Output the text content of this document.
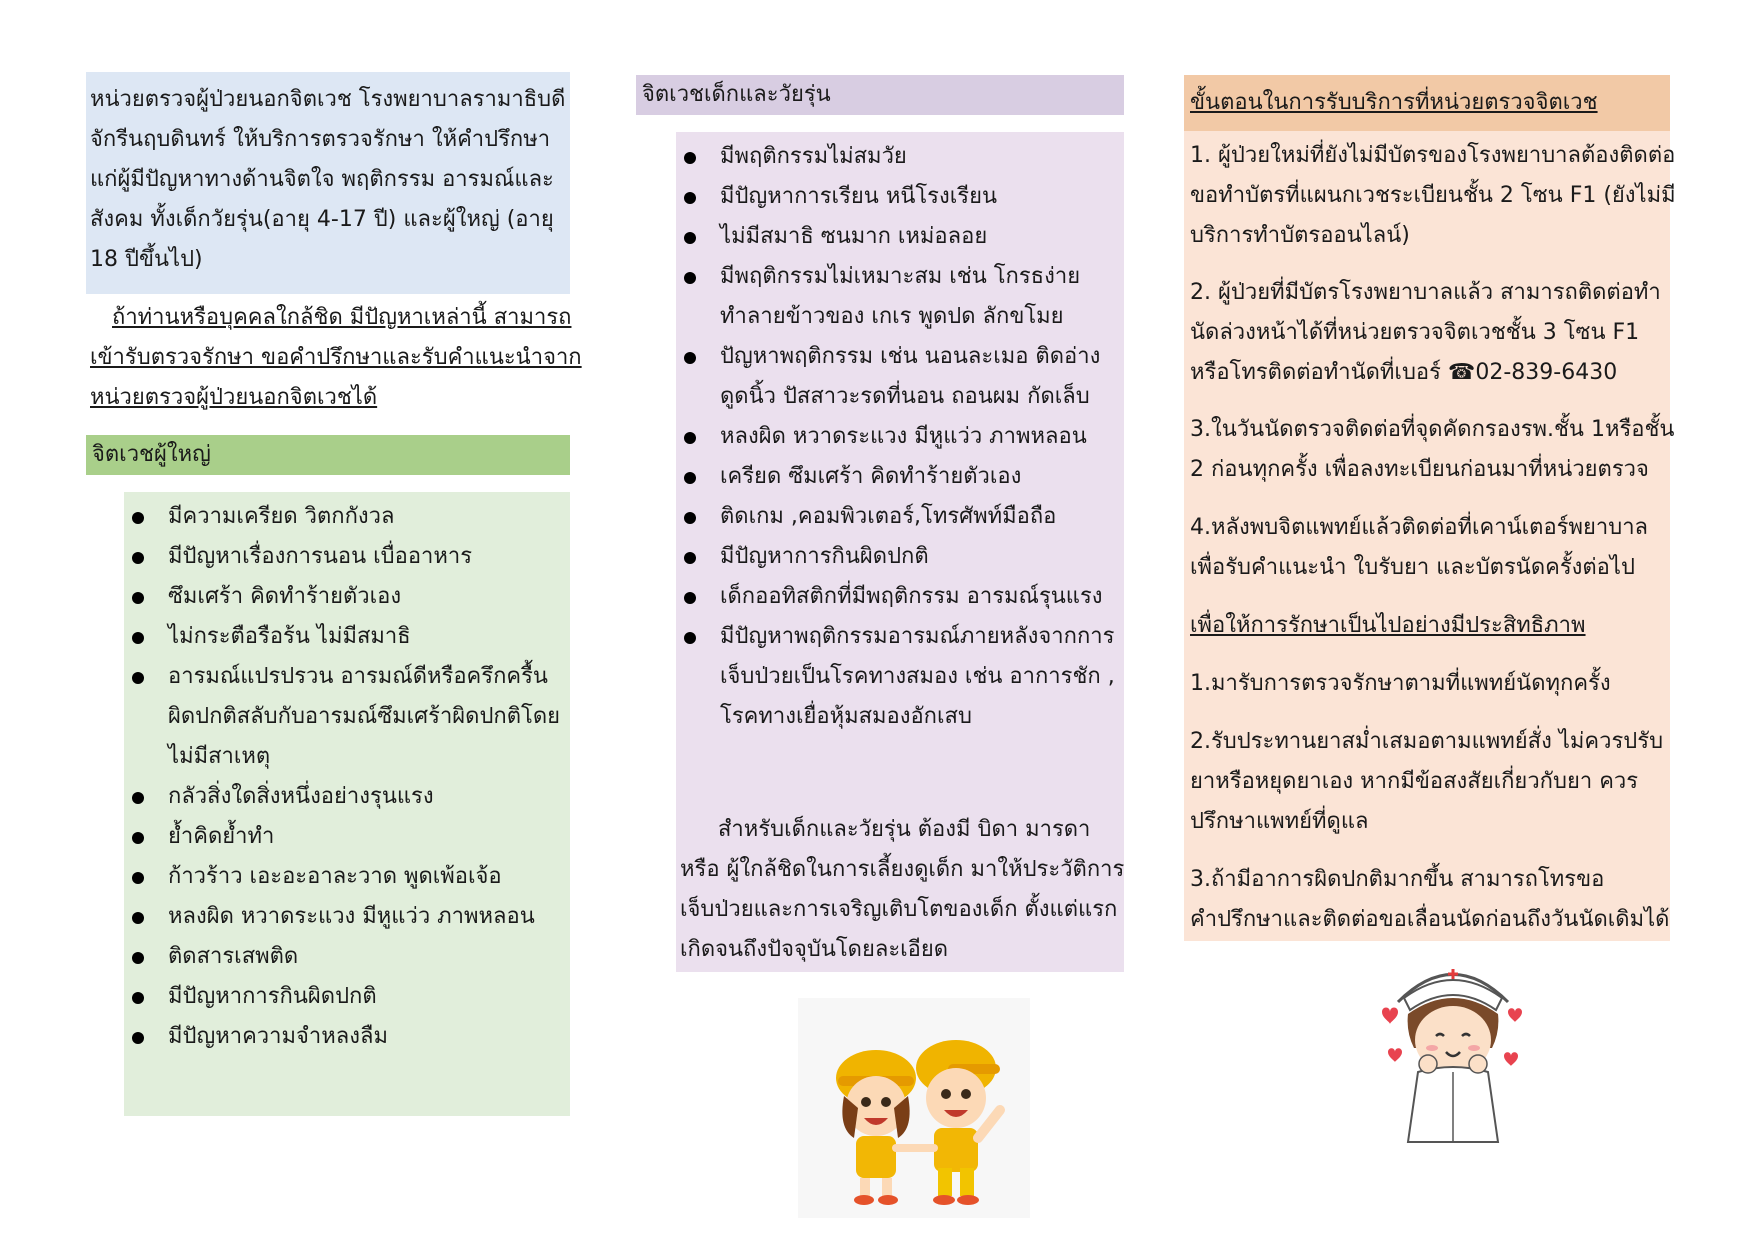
หน่วยตรวจผู้ป่วยนอกจิตเวช โรงพยาบาลรามาธิบดี
จักรีนฤบดินทร์ ให้บริการตรวจรักษา ให้คำปรึกษา
แก่ผู้มีปัญหาทางด้านจิตใจ พฤติกรรม อารมณ์และ
สังคม ทั้งเด็กวัยรุ่น(อายุ 4-17 ปี) และผู้ใหญ่ (อายุ
18 ปีขึ้นไป)
ถ้าท่านหรือบุคคลใกล้ชิด มีปัญหาเหล่านี้ สามารถ
เข้ารับตรวจรักษา ขอคำปรึกษาและรับคำแนะนำจาก
หน่วยตรวจผู้ป่วยนอกจิตเวชได้
จิตเวชผู้ใหญ่
มีความเครียด วิตกกังวล
มีปัญหาเรื่องการนอน เบื่ออาหาร
ซึมเศร้า คิดทำร้ายตัวเอง
ไม่กระตือรือร้น ไม่มีสมาธิ
อารมณ์แปรปรวน อารมณ์ดีหรือครึกครื้น
ผิดปกติสลับกับอารมณ์ซึมเศร้าผิดปกติโดย
ไม่มีสาเหตุ
กลัวสิ่งใดสิ่งหนึ่งอย่างรุนแรง
ย้ำคิดย้ำทำ
ก้าวร้าว เอะอะอาละวาด พูดเพ้อเจ้อ
หลงผิด หวาดระแวง มีหูแว่ว ภาพหลอน
ติดสารเสพติด
มีปัญหาการกินผิดปกติ
มีปัญหาความจำหลงลืม
จิตเวชเด็กและวัยรุ่น
มีพฤติกรรมไม่สมวัย
มีปัญหาการเรียน หนีโรงเรียน
ไม่มีสมาธิ ซนมาก เหม่อลอย
มีพฤติกรรมไม่เหมาะสม เช่น โกรธง่าย
ทำลายข้าวของ เกเร พูดปด ลักขโมย
ปัญหาพฤติกรรม เช่น นอนละเมอ ติดอ่าง
ดูดนิ้ว ปัสสาวะรดที่นอน ถอนผม กัดเล็บ
หลงผิด หวาดระแวง มีหูแว่ว ภาพหลอน
เครียด ซึมเศร้า คิดทำร้ายตัวเอง
ติดเกม ,คอมพิวเตอร์,โทรศัพท์มือถือ
มีปัญหาการกินผิดปกติ
เด็กออทิสติกที่มีพฤติกรรม อารมณ์รุนแรง
มีปัญหาพฤติกรรมอารมณ์ภายหลังจากการ
เจ็บป่วยเป็นโรคทางสมอง เช่น อาการชัก ,
โรคทางเยื่อหุ้มสมองอักเสบ
สำหรับเด็กและวัยรุ่น ต้องมี บิดา มารดา
หรือ ผู้ใกล้ชิดในการเลี้ยงดูเด็ก มาให้ประวัติการ
เจ็บป่วยและการเจริญเติบโตของเด็ก ตั้งแต่แรก
เกิดจนถึงปัจจุบันโดยละเอียด
ขั้นตอนในการรับบริการที่หน่วยตรวจจิตเวช
1. ผู้ป่วยใหม่ที่ยังไม่มีบัตรของโรงพยาบาลต้องติดต่อ
ขอทำบัตรที่แผนกเวชระเบียนชั้น 2 โซน F1 (ยังไม่มี
บริการทำบัตรออนไลน์)
2. ผู้ป่วยที่มีบัตรโรงพยาบาลแล้ว สามารถติดต่อทำ
นัดล่วงหน้าได้ที่หน่วยตรวจจิตเวชชั้น 3 โซน F1
หรือโทรติดต่อทำนัดที่เบอร์ ☎02-839-6430
3.ในวันนัดตรวจติดต่อที่จุดคัดกรองรพ.ชั้น 1หรือชั้น
2 ก่อนทุกครั้ง เพื่อลงทะเบียนก่อนมาที่หน่วยตรวจ
4.หลังพบจิตแพทย์แล้วติดต่อที่เคาน์เตอร์พยาบาล
เพื่อรับคำแนะนำ ใบรับยา และบัตรนัดครั้งต่อไป
เพื่อให้การรักษาเป็นไปอย่างมีประสิทธิภาพ
1.มารับการตรวจรักษาตามที่แพทย์นัดทุกครั้ง
2.รับประทานยาสม่ำเสมอตามแพทย์สั่ง ไม่ควรปรับ
ยาหรือหยุดยาเอง หากมีข้อสงสัยเกี่ยวกับยา ควร
ปรึกษาแพทย์ที่ดูแล
3.ถ้ามีอาการผิดปกติมากขึ้น สามารถโทรขอ
คำปรึกษาและติดต่อขอเลื่อนนัดก่อนถึงวันนัดเดิมได้
